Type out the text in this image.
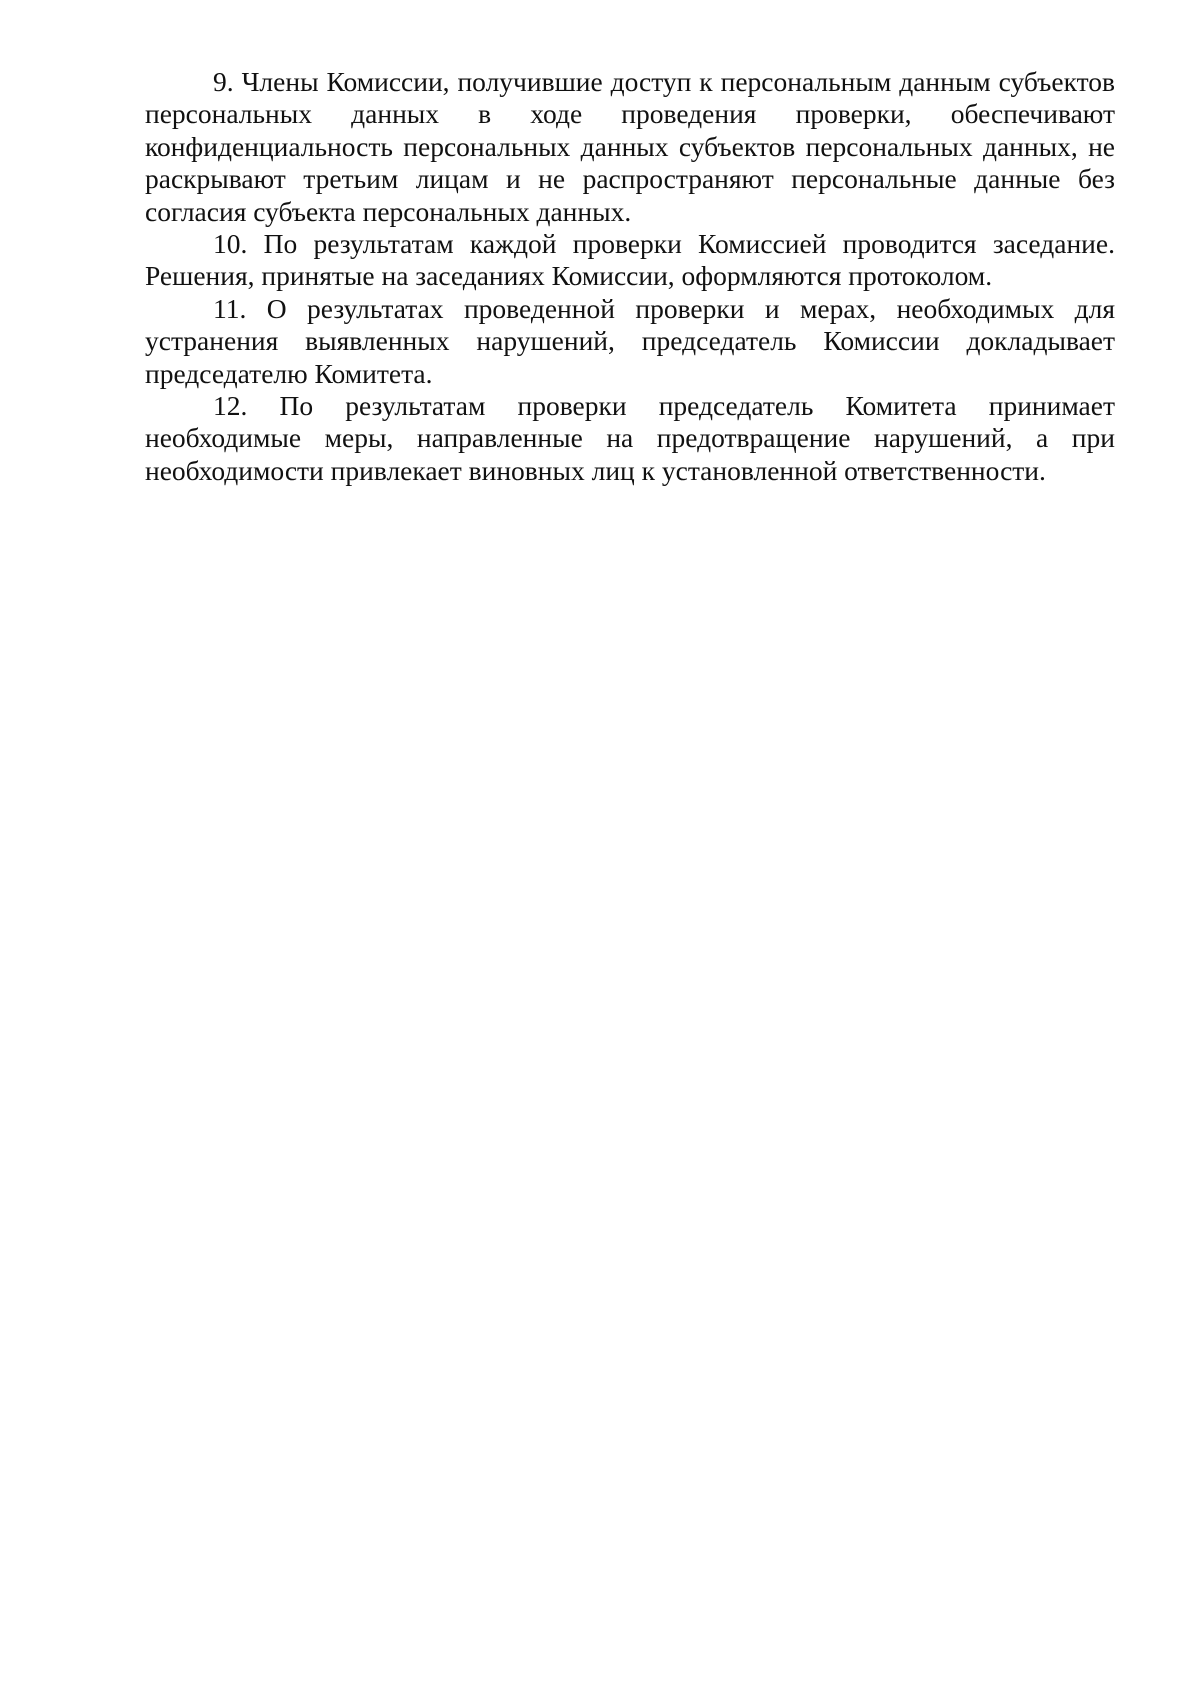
9. Члены Комиссии, получившие доступ к персональным данным субъектов персональных данных в ходе проведения проверки, обеспечивают конфиденциальность персональных данных субъектов персональных данных, не раскрывают третьим лицам и не распространяют персональные данные без согласия субъекта персональных данных.

10. По результатам каждой проверки Комиссией проводится заседание. Решения, принятые на заседаниях Комиссии, оформляются протоколом.

11. О результатах проведенной проверки и мерах, необходимых для устранения выявленных нарушений, председатель Комиссии докладывает председателю Комитета.

12. По результатам проверки председатель Комитета принимает необходимые меры, направленные на предотвращение нарушений, а при необходимости привлекает виновных лиц к установленной ответственности.
